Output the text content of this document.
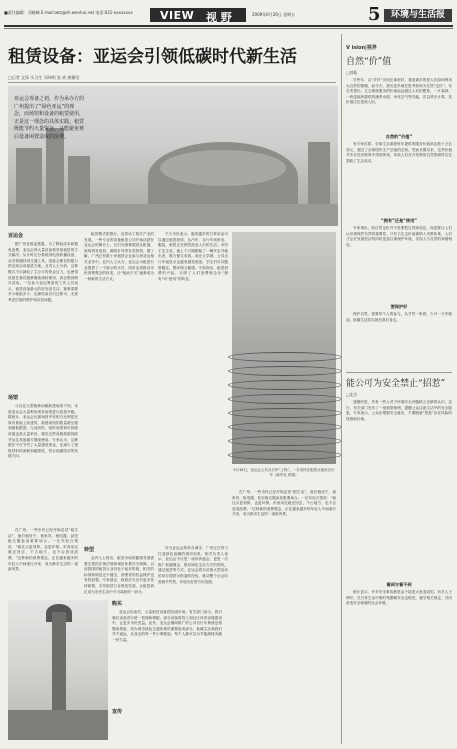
■责任编辑：刘晓峰 E-mail:wtz@sh.wenhui.net 电话:021-xxxxxxxx VIEW 视 野	2009年6月26日 星期五	5	环境与生活报
租赁设备：亚运会引领低碳时代新生活
□记者 文锋 实习生 刘坤明 张 欢 唐璐莹
亚运会筹备之初，作为承办方的广州提出了“绿色亚运”的理念，而场馆和设备的租赁使用，正是这一理念的具体实践。租赁既能节约大量资金，又能避免赛后设备闲置造成的浪费。
亚运会

据广州亚组委透露，为了降低成本和避免浪费，亚运会的大量设备将采取租赁的方式解决。从计时记分系统到电视转播设备，从安保器材到交通工具，组委会都在积极与供应商洽谈租赁方案。业内人士分析，这种模式不仅减轻了主办方的资金压力，也使得设备在赛后能够继续流转使用，真正做到物尽其用。一位参与亚运筹备的工作人员表示，租赁设备最大的好处是灵活，赛事需要多少就租多少，比赛结束后归还即可，无需考虑后续的维护和存放问题。

场馆

与以往大型赛事动辄新建场馆不同，本届亚运会大量利用现有场馆进行改造升级。据统计，亚运会比赛场馆中有相当比例是在原有基础上改建的，新建场馆的数量被压缩到最低限度。与此同时，临时场馆和可拆卸设施也被大量采用，赛后这些设施将被拆除并运往其他地方继续使用。专家认为，这种做法不仅节约了大量建设资金，还减少了建筑材料的消耗和碳排放，符合低碳经济的发展方向。

在广州，一些市民已经开始尝试“租生活”，他们租房子、租家具、租电器，甚至租衣服参加重要场合。一位年轻白领说：“租比买更划算，也更环保。东西用完就还回去，不占地方，也不会造成浪费。”这种新的消费观念，正在越来越多的年轻人中间流行开来，成为都市生活的一道新风景。

租赁模式的推行，也带动了相关产业的发展。一些专业的设备租赁公司开始活跃在亚运会的舞台上，它们为赛事提供从帐篷、座椅到发电机、照明灯具等各类物资。据了解，广州已有数十家租赁企业参与到亚运相关业务中。业内人士认为，亚运会为租赁行业提供了一个展示的平台，同时也将推动市民消费观念的转变，让“租而不买”逐渐成为一种新的生活方式。

转型

业内人士指出，租赁市场的健康发展需要完善的法律法规和诚信体系作为保障。目前我国的租赁行业仍处于起步阶段，相关的标准和规范还不健全，消费者的权益保护也有待加强。专家建议，政府应当出台更多扶持政策，引导租赁行业规范发展，让租赁真正成为市民生活中不可或缺的一部分。

不少市民表示，越来越多的日常用品可以通过租赁获得，从汽车、自行车到家电、服装，租赁正在悄然改变人们的生活。市民王先生说，他上个月刚刚租了一辆车去外地出差，既方便又省钱。而在大学城，公共自行车租赁点也越来越受欢迎，学生们可以随借随还，既环保又健康。专家指出，租赁消费的兴起，反映了人们消费理念从“拥有”向“使用”的转变。

作为亚运会的举办城市，广州正在努力打造绿色低碳的城市形象。相关负责人表示，亚运会不仅是一场体育盛会，更是一次推广低碳理念、倡导绿色生活方式的契机。通过租赁等方式，亚运会将为后续大型活动的举办提供可借鉴的经验，推动整个社会向资源节约型、环境友好型方向发展。

5月18日，亚运会公共自行车“上线”。一名市民在租赁点租用自行车（新华社 供图）
购买

亚运会结束后，大量租赁设备将回流市场。有关部门表示，将对赛后设备进行统一管理和调配，部分设备将投入到社区体育设施建设中，让更多市民受益。此外，亚运会期间推广的公共自行车系统也将继续保留，成为城市绿色交通体系的重要组成部分。低碳生活离我们并不遥远，从身边的每一件小事做起，每个人都可以为节能减排贡献一份力量。

宣传

在广州，一些市民已经开始尝试“租生活”，他们租房子、租家具、租电器，甚至租衣服参加重要场合。一位年轻白领说：“租比买更划算，也更环保。东西用完就还回去，不占地方，也不会造成浪费。”这种新的消费观念，正在越来越多的年轻人中间流行开来，成为都市生活的一道新风景。

V ision|视界
自然“价”值
□郭振

早些年，以“乡村”出现在那里时，看到最多的是人们如何利用大自然的馈赠，而今天，我们更多地在思考如何为自然“定价”。有学者提出，生态系统服务的价值远远超过人们的想象，一片森林、一块湿地所提供的涵养水源、净化空气等功能，若以货币计算，其价值往往是惊人的。

自然的“价值”

有专家估算，全球生态系统每年提供的服务价值高达数十万亿美元，超过了全球国民生产总值的总和。然而长期以来，这些价值并未在经济核算中得到体现，导致人们在开发利用自然资源时往往忽略了生态成本。

“拥有”还是“使用”

专家指出，给自然定价并不是要把自然商品化，而是要让人们认识到保护自然的重要性。只有当生态价值被纳入决策体系，人们才会在发展经济的同时更加注重保护环境，实现人与自然的和谐相处。

要保护好

保护自然，需要每个人的参与。从节约一张纸、少开一天车做起，低碳生活其实就在我们身边。

能公可为安全禁止“招惹”
□北京

遗憾的是，仍有一些人对于环境安全问题缺乏足够的认识。近日，有关部门发布了一批典型案例，提醒公众注意生活中的安全隐患。专家表示，公众应增强安全意识，不要随意“招惹”存在风险的设施和区域。

看到与看不到

统计显示，许多安全事故都是由于疏忽大意造成的。有关人士呼吁，在日常生活中要时刻绷紧安全这根弦，遵守相关规定，共同营造安全和谐的社会环境。
